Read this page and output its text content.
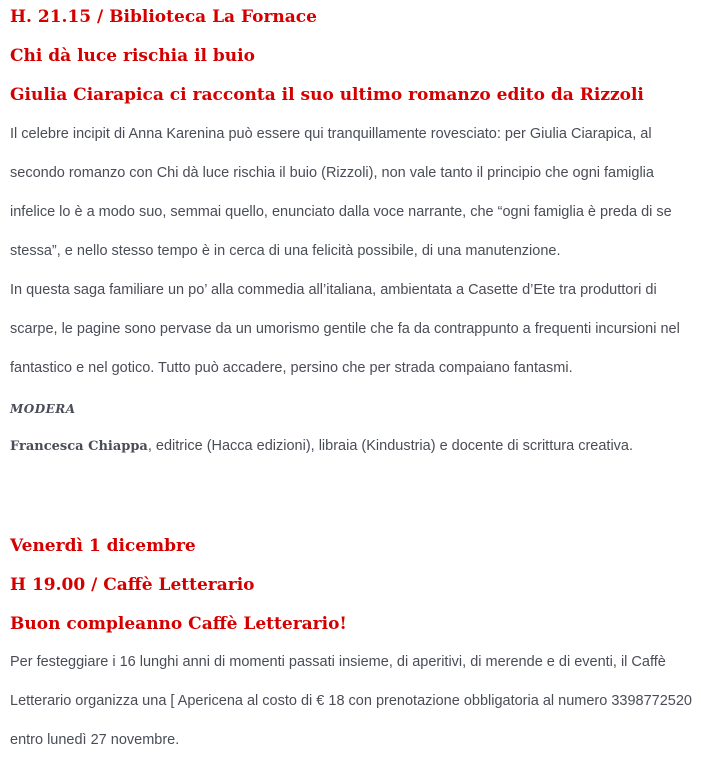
H. 21.15 / Biblioteca La Fornace
Chi dà luce rischia il buio
Giulia Ciarapica ci racconta il suo ultimo romanzo edito da Rizzoli

Il celebre incipit di Anna Karenina può essere qui tranquillamente rovesciato: per Giulia Ciarapica, al secondo romanzo con Chi dà luce rischia il buio (Rizzoli), non vale tanto il principio che ogni famiglia infelice lo è a modo suo, semmai quello, enunciato dalla voce narrante, che “ogni famiglia è preda di se stessa”, e nello stesso tempo è in cerca di una felicità possibile, di una manutenzione.

In questa saga familiare un po’ alla commedia all’italiana, ambientata a Casette d’Ete tra produttori di scarpe, le pagine sono pervase da un umorismo gentile che fa da contrappunto a frequenti incursioni nel fantastico e nel gotico. Tutto può accadere, persino che per strada compaiano fantasmi.

MODERA

Francesca Chiappa, editrice (Hacca edizioni), libraia (Kindustria) e docente di scrittura creativa.

Venerdì 1 dicembre
H 19.00 / Caffè Letterario
Buon compleanno Caffè Letterario!

Per festeggiare i 16 lunghi anni di momenti passati insieme, di aperitivi, di merende e di eventi, il Caffè Letterario organizza una [ Apericena al costo di € 18 con prenotazione obbligatoria al numero 3398772520 entro lunedì 27 novembre.
